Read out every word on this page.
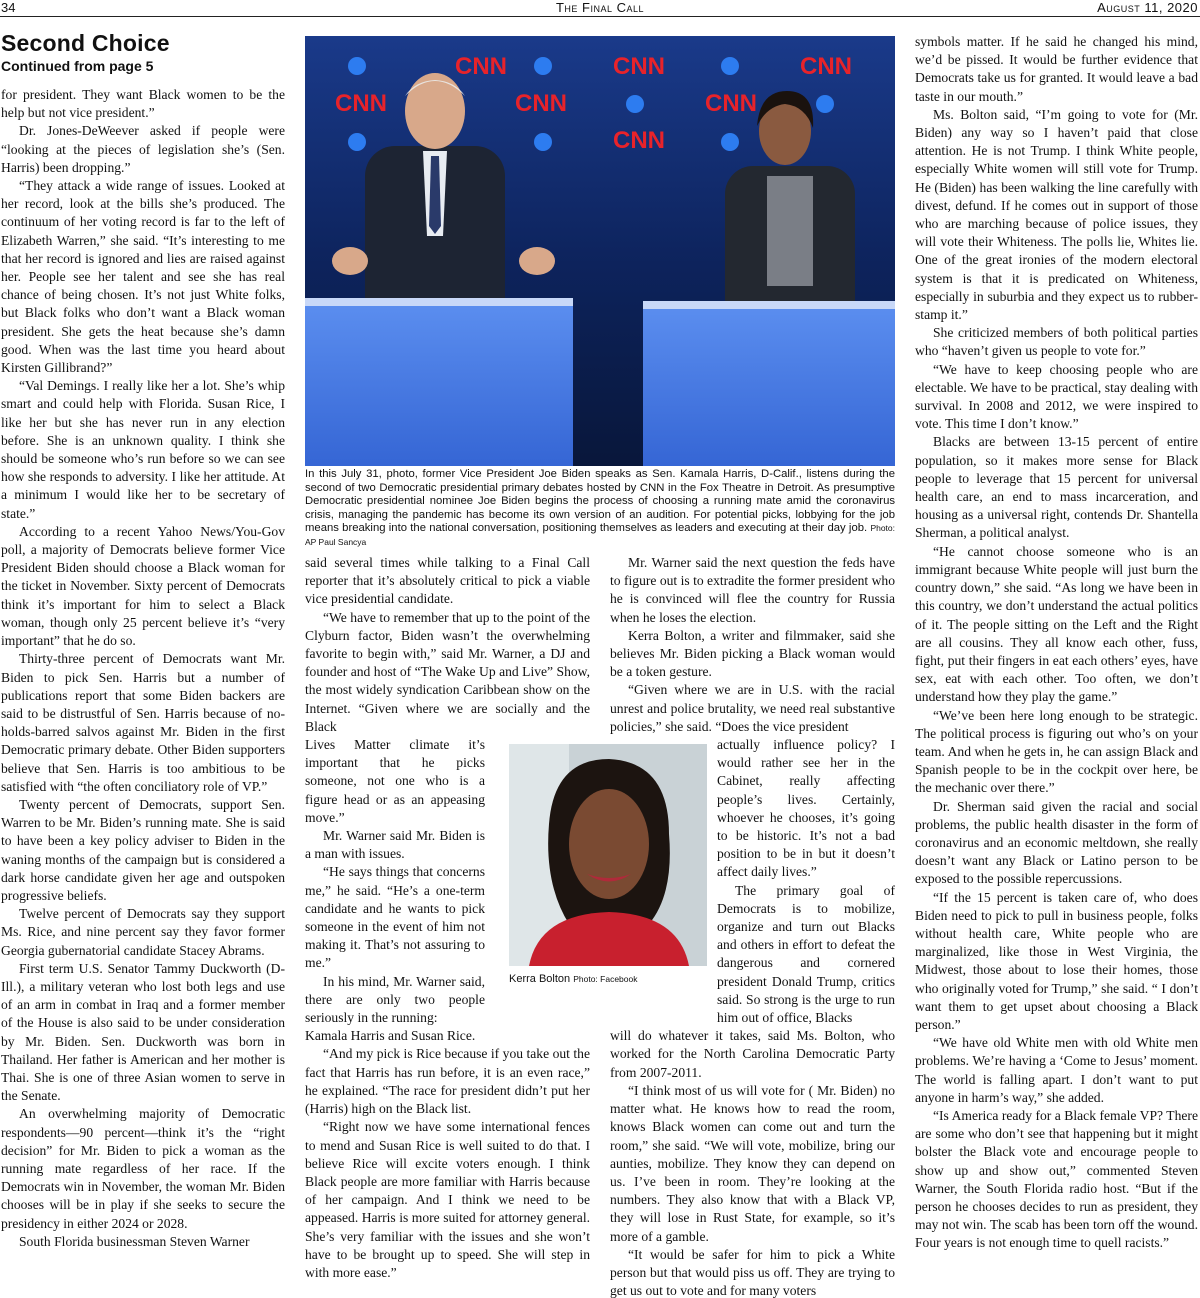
34	The Final Call	August 11, 2020
Second Choice
Continued from page 5

for president. They want Black women to be the help but not vice president.”

Dr. Jones-DeWeever asked if people were “looking at the pieces of legislation she’s (Sen. Harris) been dropping.”

“They attack a wide range of issues. Looked at her record, look at the bills she’s produced. The continuum of her voting record is far to the left of Elizabeth Warren,” she said. “It’s interesting to me that her record is ignored and lies are raised against her. People see her talent and see she has real chance of being chosen. It’s not just White folks, but Black folks who don’t want a Black woman president. She gets the heat because she’s damn good. When was the last time you heard about Kirsten Gillibrand?”

“Val Demings. I really like her a lot. She’s whip smart and could help with Florida. Susan Rice, I like her but she has never run in any election before. She is an unknown quality. I think she should be someone who’s run before so we can see how she responds to adversity. I like her attitude. At a minimum I would like her to be secretary of state.”

According to a recent Yahoo News/You-Gov poll, a majority of Democrats believe former Vice President Biden should choose a Black woman for the ticket in November. Sixty percent of Democrats think it’s important for him to select a Black woman, though only 25 percent believe it’s “very important” that he do so.

Thirty-three percent of Democrats want Mr. Biden to pick Sen. Harris but a number of publications report that some Biden backers are said to be distrustful of Sen. Harris because of no-holds-barred salvos against Mr. Biden in the first Democratic primary debate. Other Biden supporters believe that Sen. Harris is too ambitious to be satisfied with “the often conciliatory role of VP.”

Twenty percent of Democrats, support Sen. Warren to be Mr. Biden’s running mate. She is said to have been a key policy adviser to Biden in the waning months of the campaign but is considered a dark horse candidate given her age and outspoken progressive beliefs.

Twelve percent of Democrats say they support Ms. Rice, and nine percent say they favor former Georgia gubernatorial candidate Stacey Abrams.

First term U.S. Senator Tammy Duckworth (D-Ill.), a military veteran who lost both legs and use of an arm in combat in Iraq and a former member of the House is also said to be under consideration by Mr. Biden. Sen. Duckworth was born in Thailand. Her father is American and her mother is Thai. She is one of three Asian women to serve in the Senate.

An overwhelming majority of Democratic respondents—90 percent—think it’s the “right decision” for Mr. Biden to pick a woman as the running mate regardless of her race. If the Democrats win in November, the woman Mr. Biden chooses will be in play if she seeks to secure the presidency in either 2024 or 2028.

South Florida businessman Steven Warner

CNN	CNN	CNN
CNN	CNN	CNN
CNN
In this July 31, photo, former Vice President Joe Biden speaks as Sen. Kamala Harris, D-Calif., listens during the second of two Democratic presidential primary debates hosted by CNN in the Fox Theatre in Detroit. As presumptive Democratic presidential nominee Joe Biden begins the process of choosing a running mate amid the coronavirus crisis, managing the pandemic has become its own version of an audition. For potential picks, lobbying for the job means breaking into the national conversation, positioning themselves as leaders and executing at their day job. Photo: AP Paul Sancya

said several times while talking to a Final Call reporter that it’s absolutely critical to pick a viable vice presidential candidate.

“We have to remember that up to the point of the Clyburn factor, Biden wasn’t the overwhelming favorite to begin with,” said Mr. Warner, a DJ and founder and host of “The Wake Up and Live” Show, the most widely syndication Caribbean show on the Internet. “Given where we are socially and the Black

Kerra Bolton Photo: Facebook

Lives Matter climate it’s important that he picks someone, not one who is a figure head or as an appeasing move.”

Mr. Warner said Mr. Biden is a man with issues.

“He says things that concerns me,” he said. “He’s a one-term candidate and he wants to pick someone in the event of him not making it. That’s not assuring to me.”

In his mind, Mr. Warner said, there are only two people seriously in the running:

Kamala Harris and Susan Rice.

“And my pick is Rice because if you take out the fact that Harris has run before, it is an even race,” he explained. “The race for president didn’t put her (Harris) high on the Black list.

“Right now we have some international fences to mend and Susan Rice is well suited to do that. I believe Rice will excite voters enough. I think Black people are more familiar with Harris because of her campaign. And I think we need to be appeased. Harris is more suited for attorney general. She’s very familiar with the issues and she won’t have to be brought up to speed. She will step in with more ease.”

Mr. Warner said the next question the feds have to figure out is to extradite the former president who he is convinced will flee the country for Russia when he loses the election.

Kerra Bolton, a writer and filmmaker, said she believes Mr. Biden picking a Black woman would be a token gesture.

“Given where we are in U.S. with the racial unrest and police brutality, we need real substantive policies,” she said. “Does the vice president

actually influence policy? I would rather see her in the Cabinet, really affecting people’s lives. Certainly, whoever he chooses, it’s going to be historic. It’s not a bad position to be in but it doesn’t affect daily lives.”

The primary goal of Democrats is to mobilize, organize and turn out Blacks and others in effort to defeat the dangerous and cornered president Donald Trump, critics said. So strong is the urge to run him out of office, Blacks

will do whatever it takes, said Ms. Bolton, who worked for the North Carolina Democratic Party from 2007-2011.

“I think most of us will vote for ( Mr. Biden) no matter what. He knows how to read the room, knows Black women can come out and turn the room,” she said. “We will vote, mobilize, bring our aunties, mobilize. They know they can depend on us. I’ve been in room. They’re looking at the numbers. They also know that with a Black VP, they will lose in Rust State, for example, so it’s more of a gamble.

“It would be safer for him to pick a White person but that would piss us off. They are trying to get us out to vote and for many voters

symbols matter. If he said he changed his mind, we’d be pissed. It would be further evidence that Democrats take us for granted. It would leave a bad taste in our mouth.”

Ms. Bolton said, “I’m going to vote for (Mr. Biden) any way so I haven’t paid that close attention. He is not Trump. I think White people, especially White women will still vote for Trump. He (Biden) has been walking the line carefully with divest, defund. If he comes out in support of those who are marching because of police issues, they will vote their Whiteness. The polls lie, Whites lie. One of the great ironies of the modern electoral system is that it is predicated on Whiteness, especially in suburbia and they expect us to rubber-stamp it.”

She criticized members of both political parties who “haven’t given us people to vote for.”

“We have to keep choosing people who are electable. We have to be practical, stay dealing with survival. In 2008 and 2012, we were inspired to vote. This time I don’t know.”

Blacks are between 13-15 percent of entire population, so it makes more sense for Black people to leverage that 15 percent for universal health care, an end to mass incarceration, and housing as a universal right, contends Dr. Shantella Sherman, a political analyst.

“He cannot choose someone who is an immigrant because White people will just burn the country down,” she said. “As long we have been in this country, we don’t understand the actual politics of it. The people sitting on the Left and the Right are all cousins. They all know each other, fuss, fight, put their fingers in eat each others’ eyes, have sex, eat with each other. Too often, we don’t understand how they play the game.”

“We’ve been here long enough to be strategic. The political process is figuring out who’s on your team. And when he gets in, he can assign Black and Spanish people to be in the cockpit over here, be the mechanic over there.”

Dr. Sherman said given the racial and social problems, the public health disaster in the form of coronavirus and an economic meltdown, she really doesn’t want any Black or Latino person to be exposed to the possible repercussions.

“If the 15 percent is taken care of, who does Biden need to pick to pull in business people, folks without health care, White people who are marginalized, like those in West Virginia, the Midwest, those about to lose their homes, those who originally voted for Trump,” she said. “ I don’t want them to get upset about choosing a Black person.”

“We have old White men with old White men problems. We’re having a ‘Come to Jesus’ moment. The world is falling apart. I don’t want to put anyone in harm’s way,” she added.

“Is America ready for a Black female VP? There are some who don’t see that happening but it might bolster the Black vote and encourage people to show up and show out,” commented Steven Warner, the South Florida radio host. “But if the person he chooses decides to run as president, they may not win. The scab has been torn off the wound. Four years is not enough time to quell racists.”
